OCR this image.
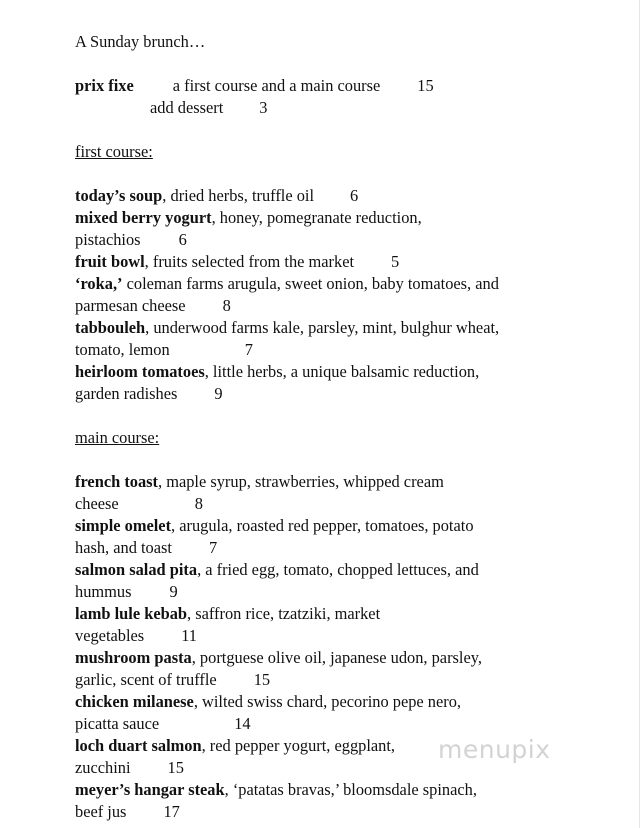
A Sunday brunch…

prix fixe a first course and a main course 15

add dessert 3

first course:

today’s soup, dried herbs, truffle oil 6

mixed berry yogurt, honey, pomegranate reduction,

pistachios 6

fruit bowl, fruits selected from the market 5

‘roka,’ coleman farms arugula, sweet onion, baby tomatoes, and

parmesan cheese 8

tabbouleh, underwood farms kale, parsley, mint, bulghur wheat,

tomato, lemon	7

heirloom tomatoes, little herbs, a unique balsamic reduction,

garden radishes 9

main course:

french toast, maple syrup, strawberries, whipped cream

cheese	8

simple omelet, arugula, roasted red pepper, tomatoes, potato

hash, and toast 7

salmon salad pita, a fried egg, tomato, chopped lettuces, and

hummus 9

lamb lule kebab, saffron rice, tzatziki, market

vegetables 11

mushroom pasta, portguese olive oil, japanese udon, parsley,

garlic, scent of truffle 15

chicken milanese, wilted swiss chard, pecorino pepe nero,

picatta sauce	14

loch duart salmon, red pepper yogurt, eggplant,

zucchini 15

meyer’s hangar steak, ‘patatas bravas,’ bloomsdale spinach,

beef jus 17

menupix
